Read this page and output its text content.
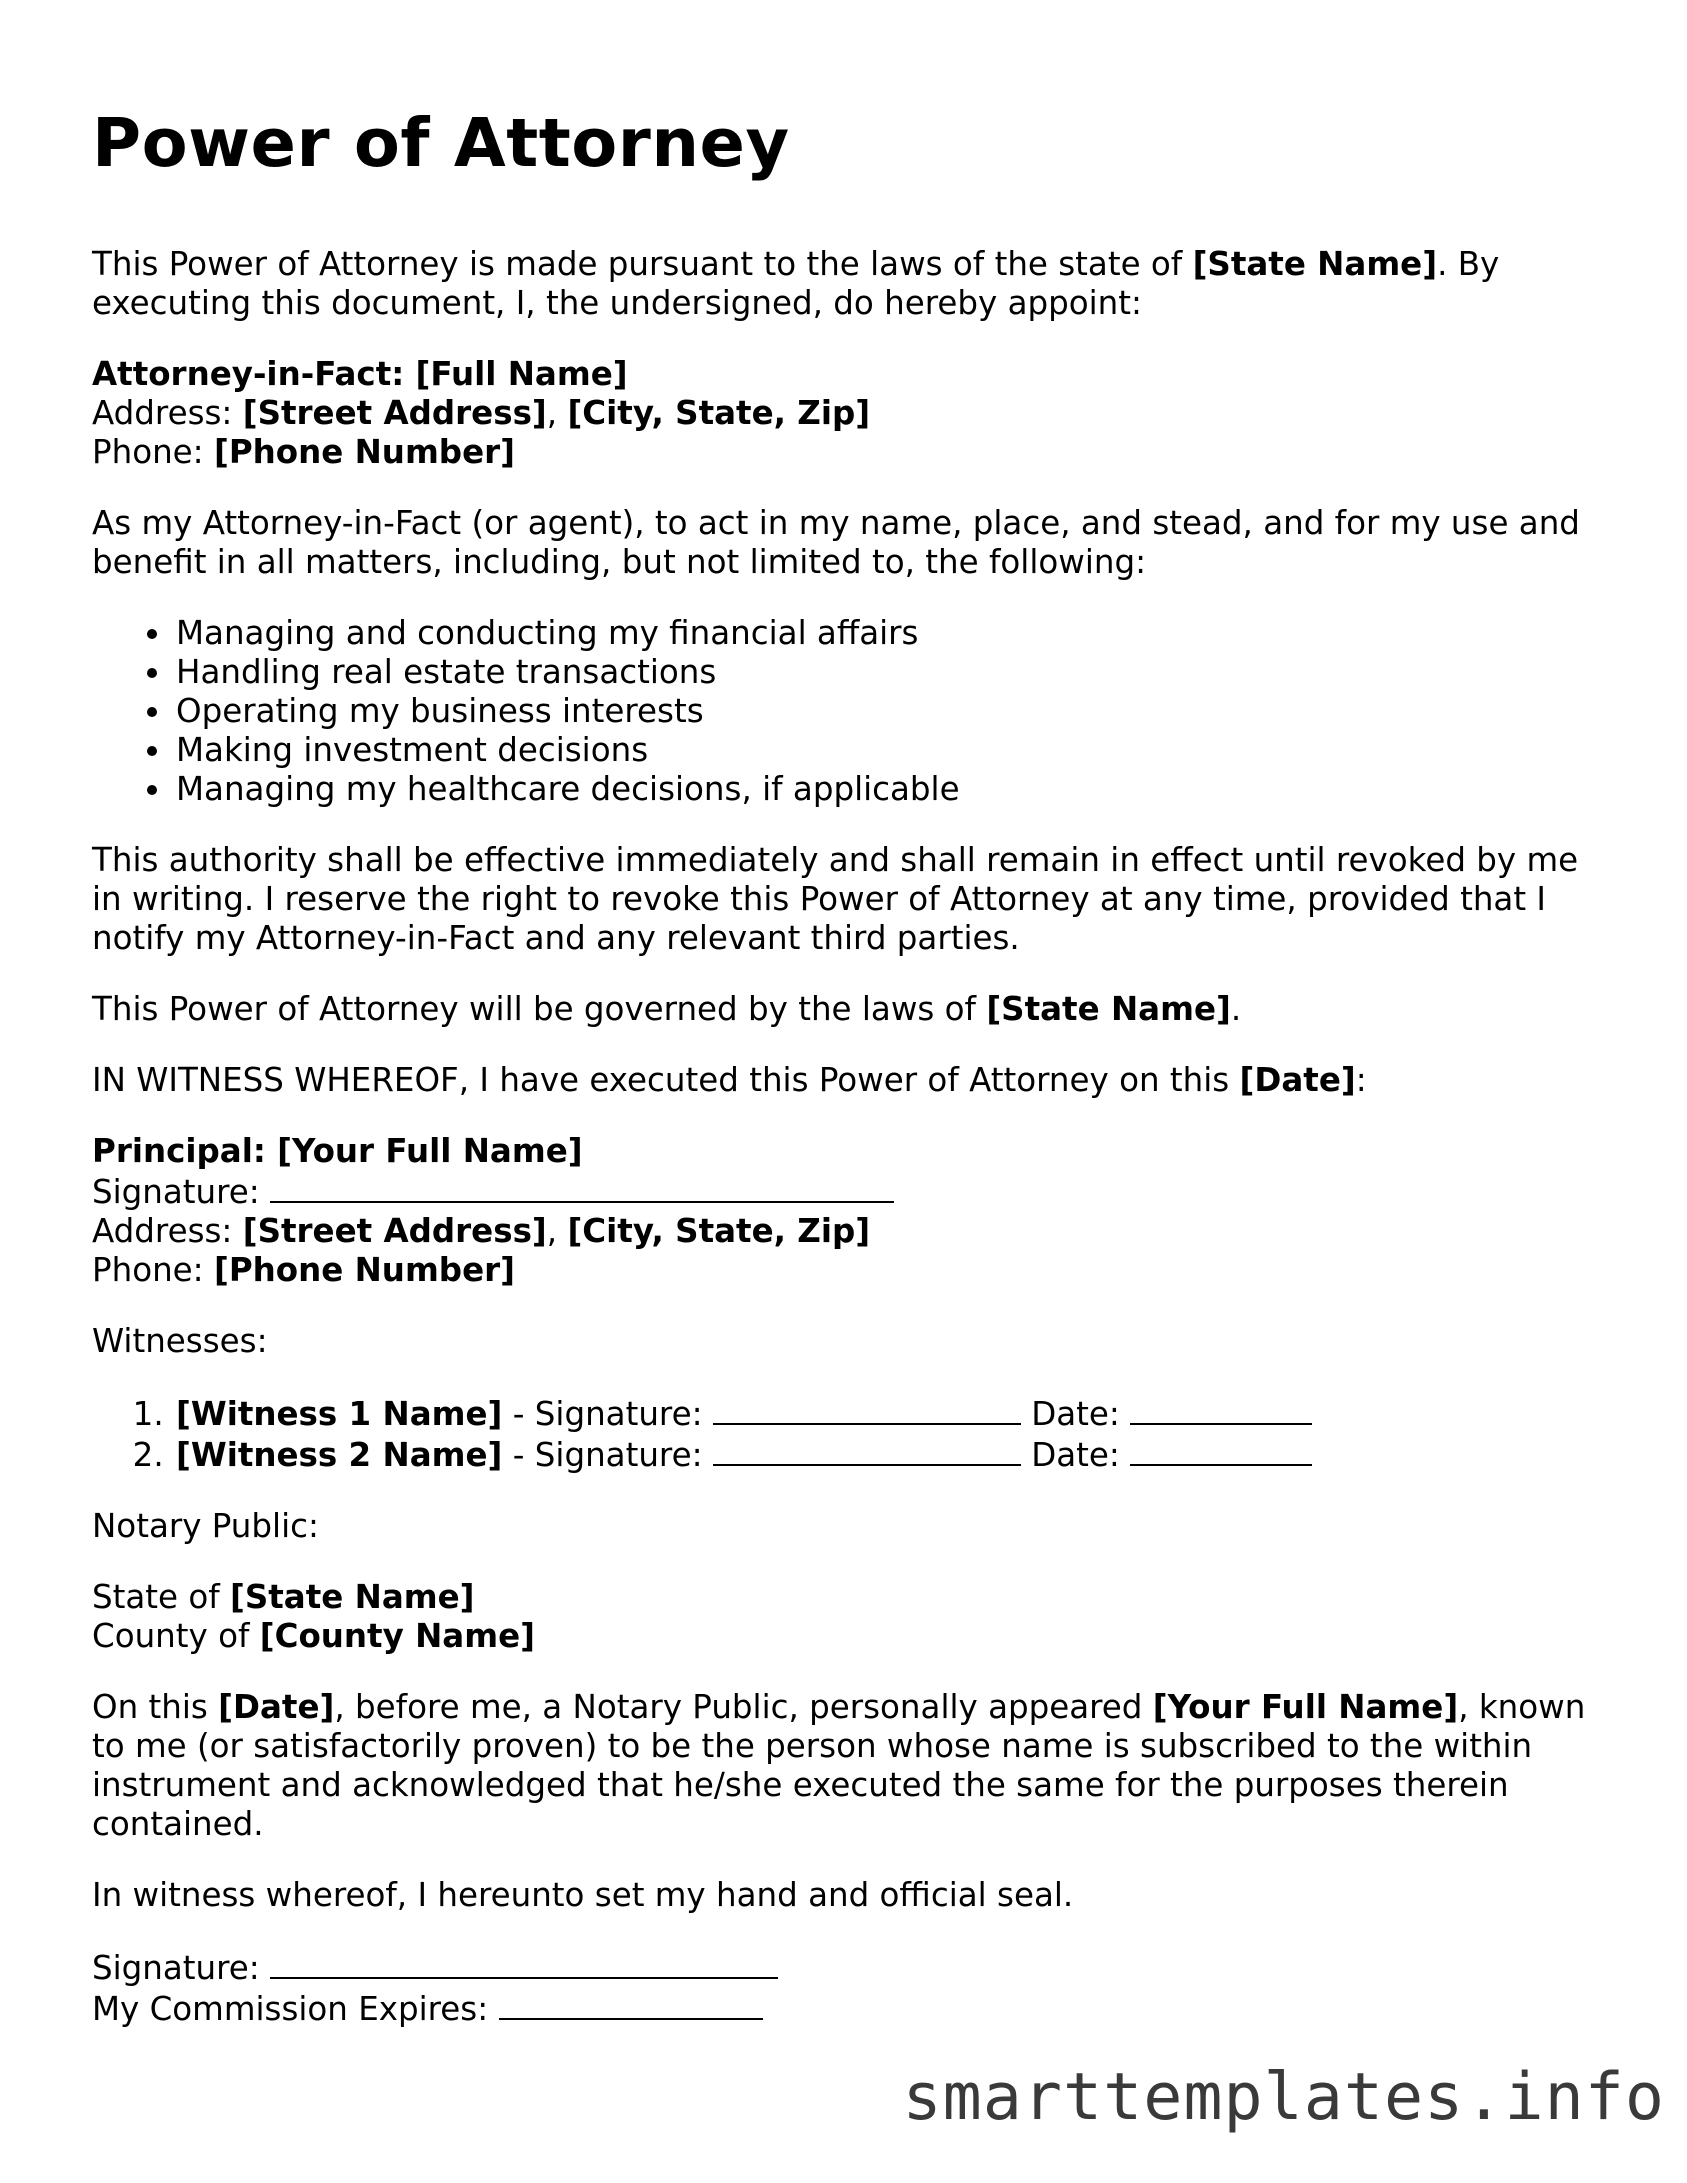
Power of Attorney

This Power of Attorney is made pursuant to the laws of the state of [State Name]. By executing this document, I, the undersigned, do hereby appoint:

Attorney-in-Fact: [Full Name]

Address: [Street Address], [City, State, Zip]

Phone: [Phone Number]

As my Attorney-in-Fact (or agent), to act in my name, place, and stead, and for my use and benefit in all matters, including, but not limited to, the following:

• Managing and conducting my financial affairs
• Handling real estate transactions
• Operating my business interests
• Making investment decisions
• Managing my healthcare decisions, if applicable

This authority shall be effective immediately and shall remain in effect until revoked by me in writing. I reserve the right to revoke this Power of Attorney at any time, provided that I notify my Attorney-in-Fact and any relevant third parties.

This Power of Attorney will be governed by the laws of [State Name].

IN WITNESS WHEREOF, I have executed this Power of Attorney on this [Date]:

Principal: [Your Full Name]

Signature:

Address: [Street Address], [City, State, Zip]

Phone: [Phone Number]

Witnesses:

1. [Witness 1 Name] - Signature:	Date:
2. [Witness 2 Name] - Signature:	Date:

Notary Public:

State of [State Name]

County of [County Name]

On this [Date], before me, a Notary Public, personally appeared [Your Full Name], known to me (or satisfactorily proven) to be the person whose name is subscribed to the within instrument and acknowledged that he/she executed the same for the purposes therein contained.

In witness whereof, I hereunto set my hand and official seal.

Signature:

My Commission Expires:

smarttemplates.info
